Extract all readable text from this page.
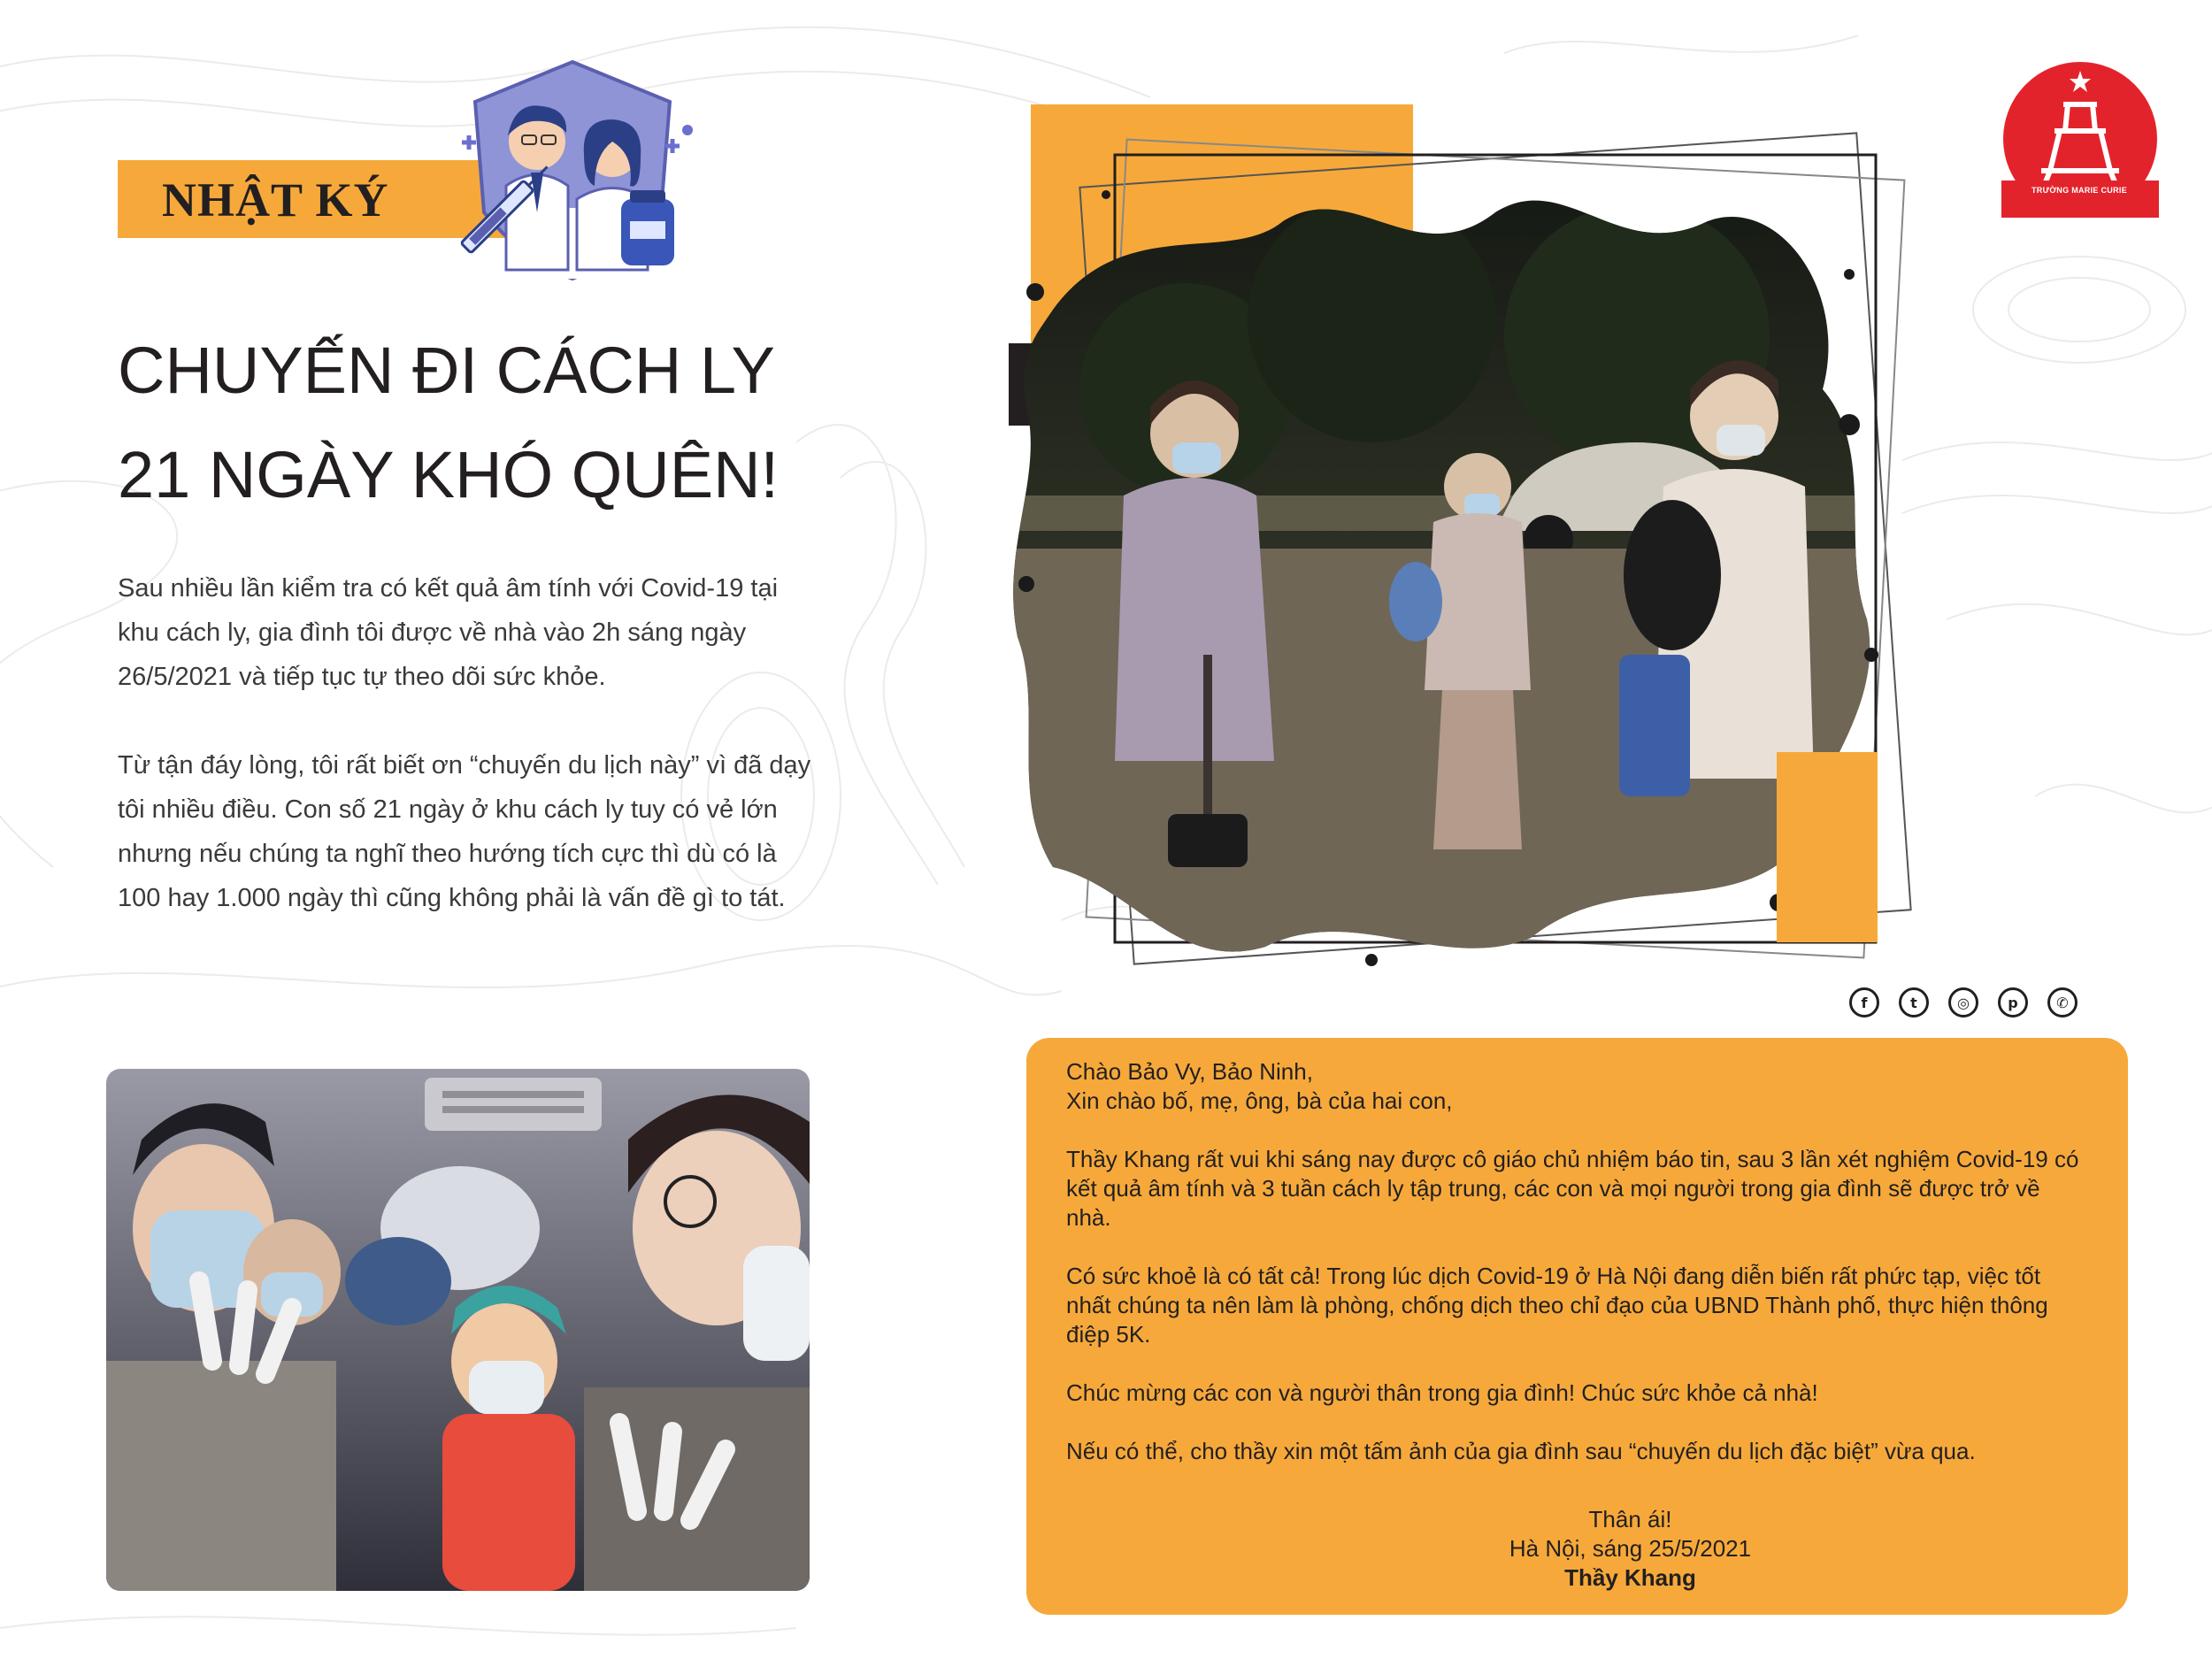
NHẬT KÝ
CHUYẾN ĐI CÁCH LY
21 NGÀY KHÓ QUÊN!

Sau nhiều lần kiểm tra có kết quả âm tính với Covid-19 tại khu cách ly, gia đình tôi được về nhà vào 2h sáng ngày 26/5/2021 và tiếp tục tự theo dõi sức khỏe.

Từ tận đáy lòng, tôi rất biết ơn “chuyến du lịch này” vì đã dạy tôi nhiều điều. Con số 21 ngày ở khu cách ly tuy có vẻ lớn nhưng nếu chúng ta nghĩ theo hướng tích cực thì dù có là 100 hay 1.000 ngày thì cũng không phải là vấn đề gì to tát.

TRƯỜNG MARIE CURIE
f	t	◎	p	✆

Chào Bảo Vy, Bảo Ninh,

Xin chào bố, mẹ, ông, bà của hai con,

Thầy Khang rất vui khi sáng nay được cô giáo chủ nhiệm báo tin, sau 3 lần xét nghiệm Covid-19 có kết quả âm tính và 3 tuần cách ly tập trung, các con và mọi người trong gia đình sẽ được trở về nhà.

Có sức khoẻ là có tất cả! Trong lúc dịch Covid-19 ở Hà Nội đang diễn biến rất phức tạp, việc tốt nhất chúng ta nên làm là phòng, chống dịch theo chỉ đạo của UBND Thành phố, thực hiện thông điệp 5K.

Chúc mừng các con và người thân trong gia đình! Chúc sức khỏe cả nhà!

Nếu có thể, cho thầy xin một tấm ảnh của gia đình sau “chuyến du lịch đặc biệt” vừa qua.

Thân ái!
Hà Nội, sáng 25/5/2021
Thầy Khang
